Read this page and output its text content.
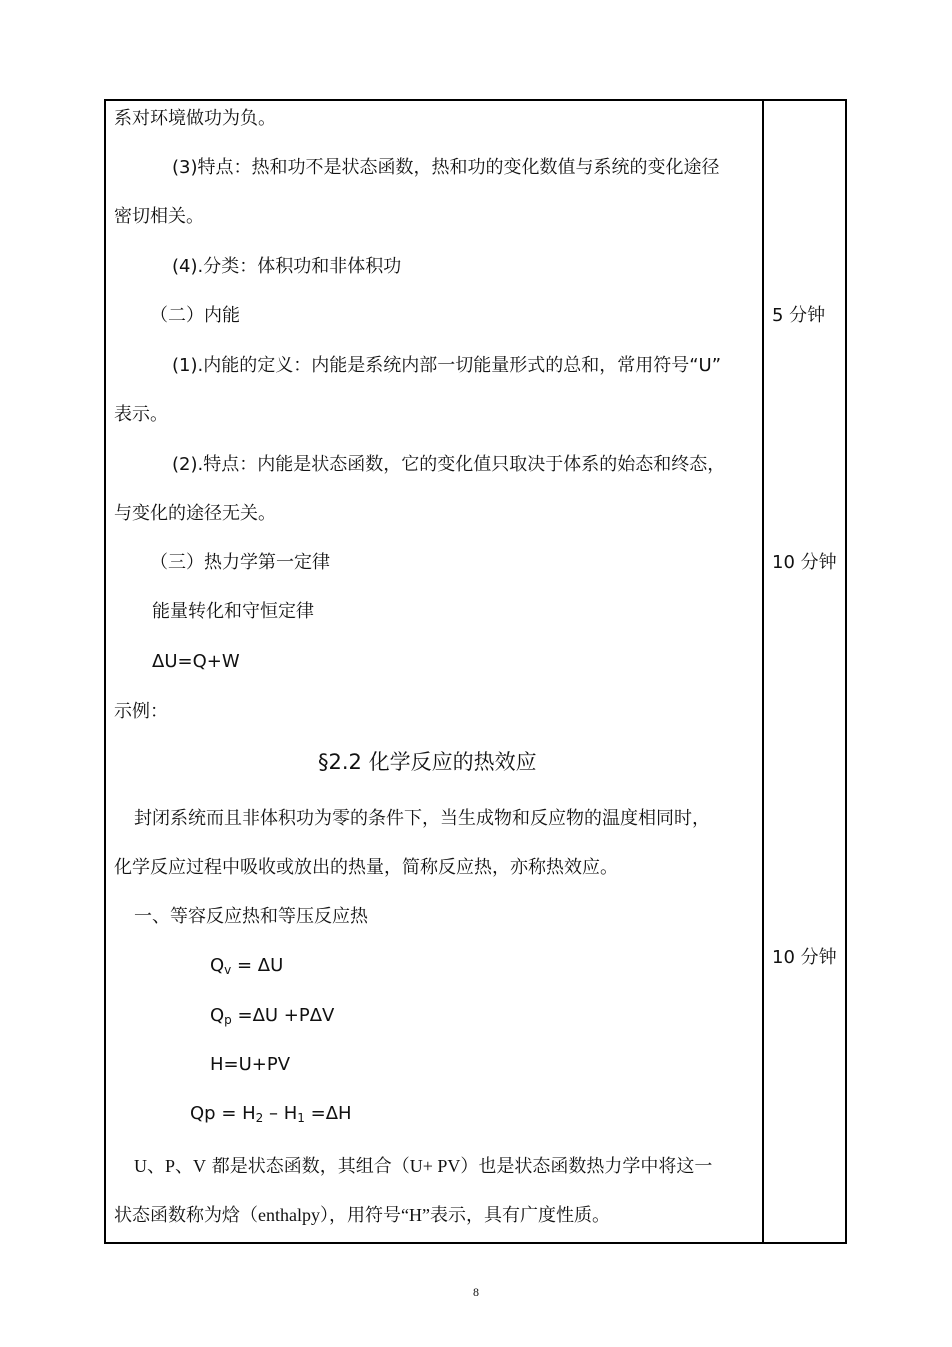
系对环境做功为负。
(3)特点：热和功不是状态函数，热和功的变化数值与系统的变化途径
密切相关。
(4).分类：体积功和非体积功
（二）内能
(1).内能的定义：内能是系统内部一切能量形式的总和，常用符号“U”
表示。
(2).特点：内能是状态函数，它的变化值只取决于体系的始态和终态，
与变化的途径无关。
（三）热力学第一定律
能量转化和守恒定律
ΔU=Q+W
示例：
§2.2 化学反应的热效应
封闭系统而且非体积功为零的条件下，当生成物和反应物的温度相同时，
化学反应过程中吸收或放出的热量，简称反应热，亦称热效应。
一、等容反应热和等压反应热
$Q_v = \Delta U$
$Q_p =\Delta U +P\Delta V$
H=U+PV
$Qp = H_2 - H_1 =\Delta H$
U、P、V 都是状态函数，其组合（U+ PV）也是状态函数热力学中将这一
状态函数称为焓（enthalpy），用符号“H”表示，具有广度性质。
5 分钟
10 分钟
10 分钟
8
